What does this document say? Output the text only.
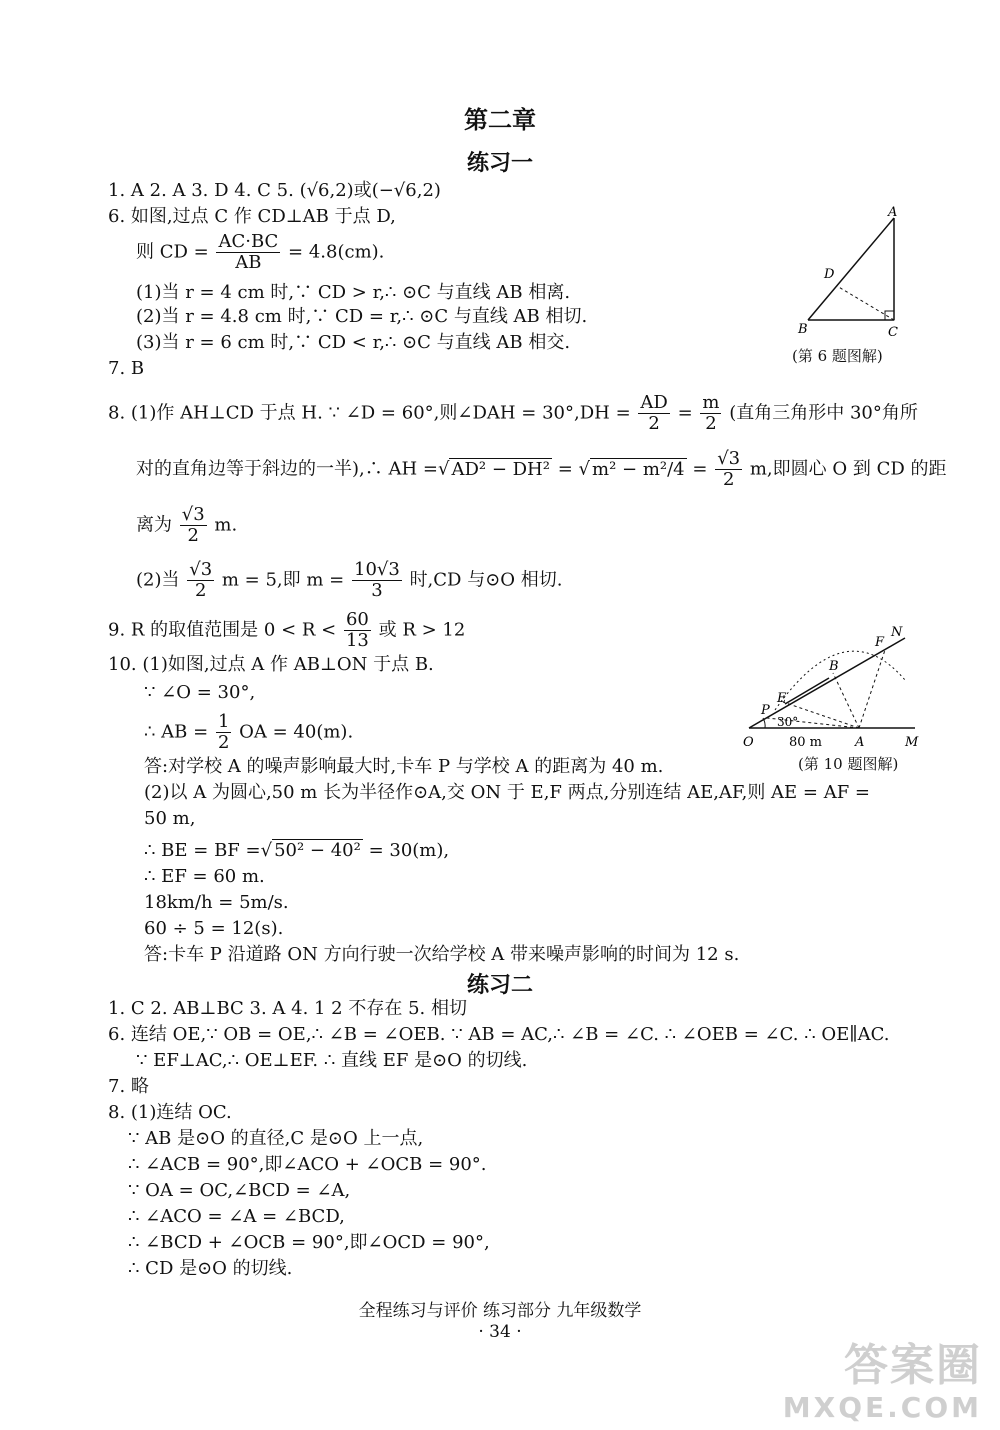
第二章
练习一
1. A 2. A 3. D 4. C 5. (√6,2)或(−√6,2)
6. 如图,过点 C 作 CD⊥AB 于点 D,
则 CD = $\frac{AC\cdot BC}{AB} = 4.8(cm)$.
(1)当 r = 4 cm 时,∵ CD > r,∴ ⊙C 与直线 AB 相离.
(2)当 r = 4.8 cm 时,∵ CD = r,∴ ⊙C 与直线 AB 相切.
(3)当 r = 6 cm 时,∵ CD < r,∴ ⊙C 与直线 AB 相交.
7. B
A
D
B	C
(第 6 题图解)
8. (1)作 AH⊥CD 于点 H. ∵ ∠D = 60°,则∠DAH = $30^\circ,DH = \frac{AD}{2} = \frac{m}{2}$ (直角三角形中 30°角所
对的直角边等于斜边的一半),∴ AH =√ AD² − DH² = √ $m^2 - m^2/4 = \frac{√3}{2} m$,即圆心 O 到 CD 的距
离为 $\frac{√3}{2} m$.
(2)当 $\frac{√3}{2}$ m = 5,即 $m = \frac{10√3}{3}$ 时,CD 与⊙O 相切.
9. R 的取值范围是 $0 < R < \frac{60}{13}$ 或 R > 12
10. (1)如图,过点 A 作 AB⊥ON 于点 B.
∵ ∠O = 30°,
∴ AB = $\frac{1}{2}$ OA = 40(m).
答:对学校 A 的噪声影响最大时,卡车 P 与学校 A 的距离为 40 m.
(2)以 A 为圆心,50 m 长为半径作⊙A,交 ON 于 E,F 两点,分别连结 AE,AF,则 AE = AF =
50 m,
∴ BE = BF =√ 50² − 40² = 30(m),
∴ EF = 60 m.
18km/h = 5m/s.
60 ÷ 5 = 12(s).
答:卡车 P 沿道路 ON 方向行驶一次给学校 A 带来噪声影响的时间为 12 s.
O	A	M
N
F
B
E
P
30°
80 m
(第 10 题图解)
练习二
1. C 2. AB⊥BC 3. A 4. 1 2 不存在 5. 相切
6. 连结 OE,∵ OB = OE,∴ ∠B = ∠OEB. ∵ AB = AC,∴ ∠B = ∠C. ∴ ∠OEB = ∠C. ∴ OE∥AC.
∵ EF⊥AC,∴ OE⊥EF. ∴ 直线 EF 是⊙O 的切线.
7. 略
8. (1)连结 OC.
∵ AB 是⊙O 的直径,C 是⊙O 上一点,
∴ ∠ACB = 90°,即∠ACO + ∠OCB = 90°.
∵ OA = OC,∠BCD = ∠A,
∴ ∠ACO = ∠A = ∠BCD,
∴ ∠BCD + ∠OCB = 90°,即∠OCD = 90°,
∴ CD 是⊙O 的切线.
全程练习与评价 练习部分 九年级数学
· 34 ·
答案圈
MXQE.COM
